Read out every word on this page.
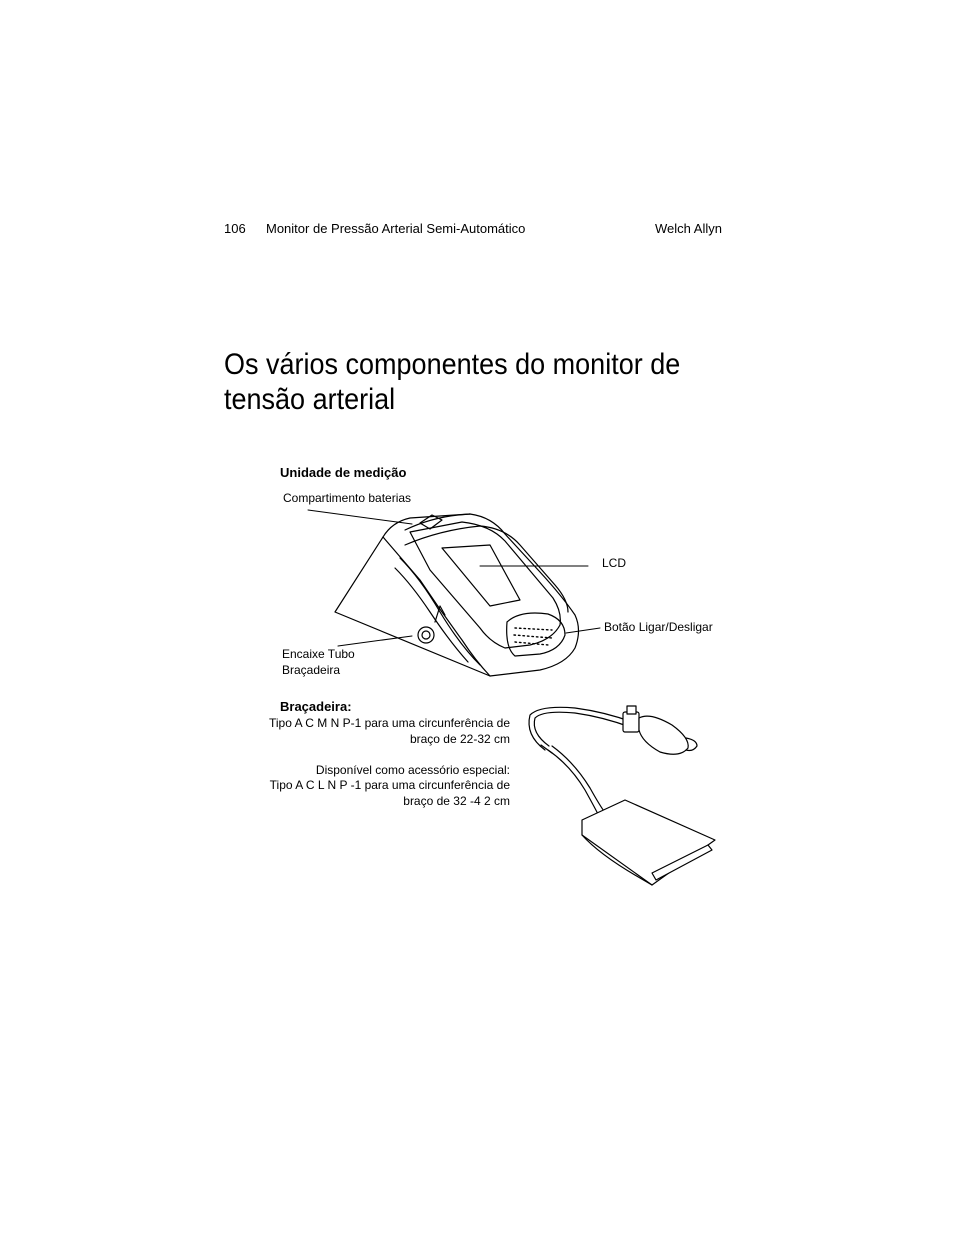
106 Monitor de Pressão Arterial Semi-Automático	Welch Allyn
Os vários componentes do monitor de
tensão arterial
Unidade de medição
Compartimento baterias
LCD
Botão Ligar/Desligar
Encaixe Tubo
Braçadeira
Braçadeira:
Tipo A C M N P-1 para uma circunferência de
braço de 22-32 cm
Disponível como acessório especial:
Tipo A C L N P -1 para uma circunferência de
braço de 32 -4 2 cm
